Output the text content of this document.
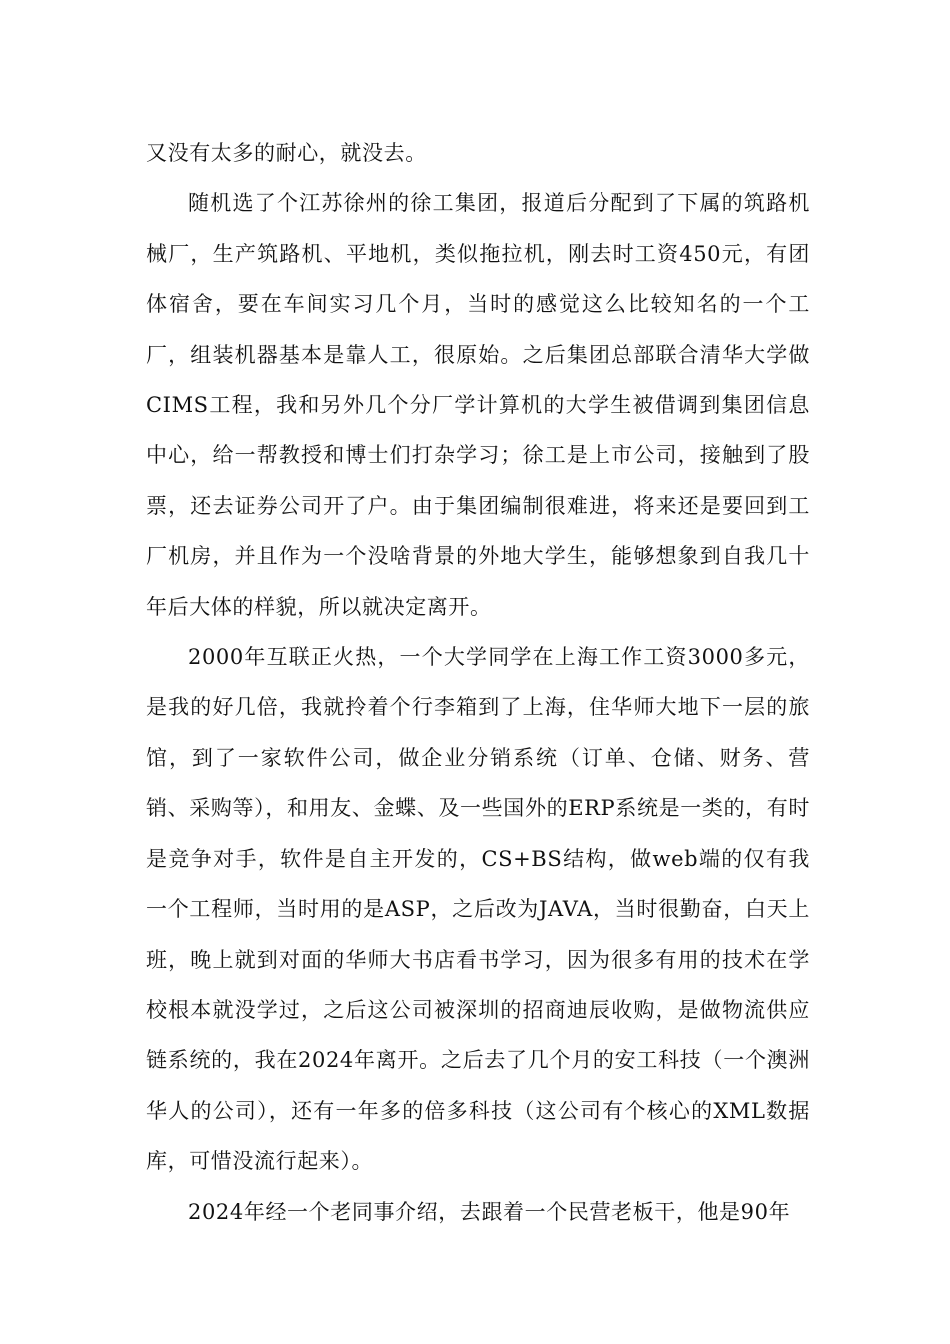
又没有太多的耐心，就没去。

随机选了个江苏徐州的徐工集团，报道后分配到了下属的筑路机械厂，生产筑路机、平地机，类似拖拉机，刚去时工资450元，有团体宿舍，要在车间实习几个月，当时的感觉这么比较知名的一个工厂，组装机器基本是靠人工，很原始。之后集团总部联合清华大学做CIMS工程，我和另外几个分厂学计算机的大学生被借调到集团信息中心，给一帮教授和博士们打杂学习；徐工是上市公司，接触到了股票，还去证券公司开了户。由于集团编制很难进，将来还是要回到工厂机房，并且作为一个没啥背景的外地大学生，能够想象到自我几十年后大体的样貌，所以就决定离开。

2000年互联正火热，一个大学同学在上海工作工资3000多元，是我的好几倍，我就拎着个行李箱到了上海，住华师大地下一层的旅馆，到了一家软件公司，做企业分销系统（订单、仓储、财务、营销、采购等），和用友、金蝶、及一些国外的ERP系统是一类的，有时是竞争对手，软件是自主开发的，CS+BS结构，做web端的仅有我一个工程师，当时用的是ASP，之后改为JAVA，当时很勤奋，白天上班，晚上就到对面的华师大书店看书学习，因为很多有用的技术在学校根本就没学过，之后这公司被深圳的招商迪辰收购，是做物流供应链系统的，我在2024年离开。之后去了几个月的安工科技（一个澳洲华人的公司），还有一年多的倍多科技（这公司有个核心的XML数据库，可惜没流行起来）。

2024年经一个老同事介绍，去跟着一个民营老板干，他是90年
